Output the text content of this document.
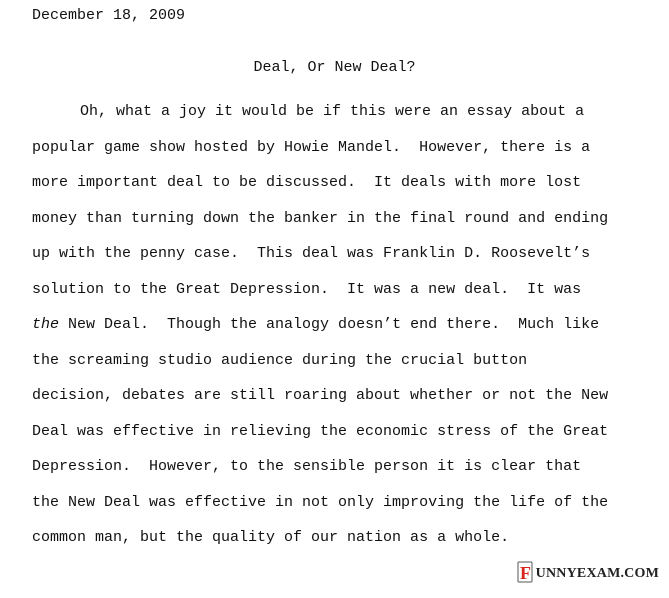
December 18, 2009
Deal, Or New Deal?
Oh, what a joy it would be if this were an essay about a
popular game show hosted by Howie Mandel.  However, there is a
more important deal to be discussed.  It deals with more lost
money than turning down the banker in the final round and ending
up with the penny case.  This deal was Franklin D. Roosevelt’s
solution to the Great Depression.  It was a new deal.  It was
the New Deal.  Though the analogy doesn’t end there.  Much like
the screaming studio audience during the crucial button
decision, debates are still roaring about whether or not the New
Deal was effective in relieving the economic stress of the Great
Depression.  However, to the sensible person it is clear that
the New Deal was effective in not only improving the life of the
common man, but the quality of our nation as a whole.
F UNNYEXAM.COM
